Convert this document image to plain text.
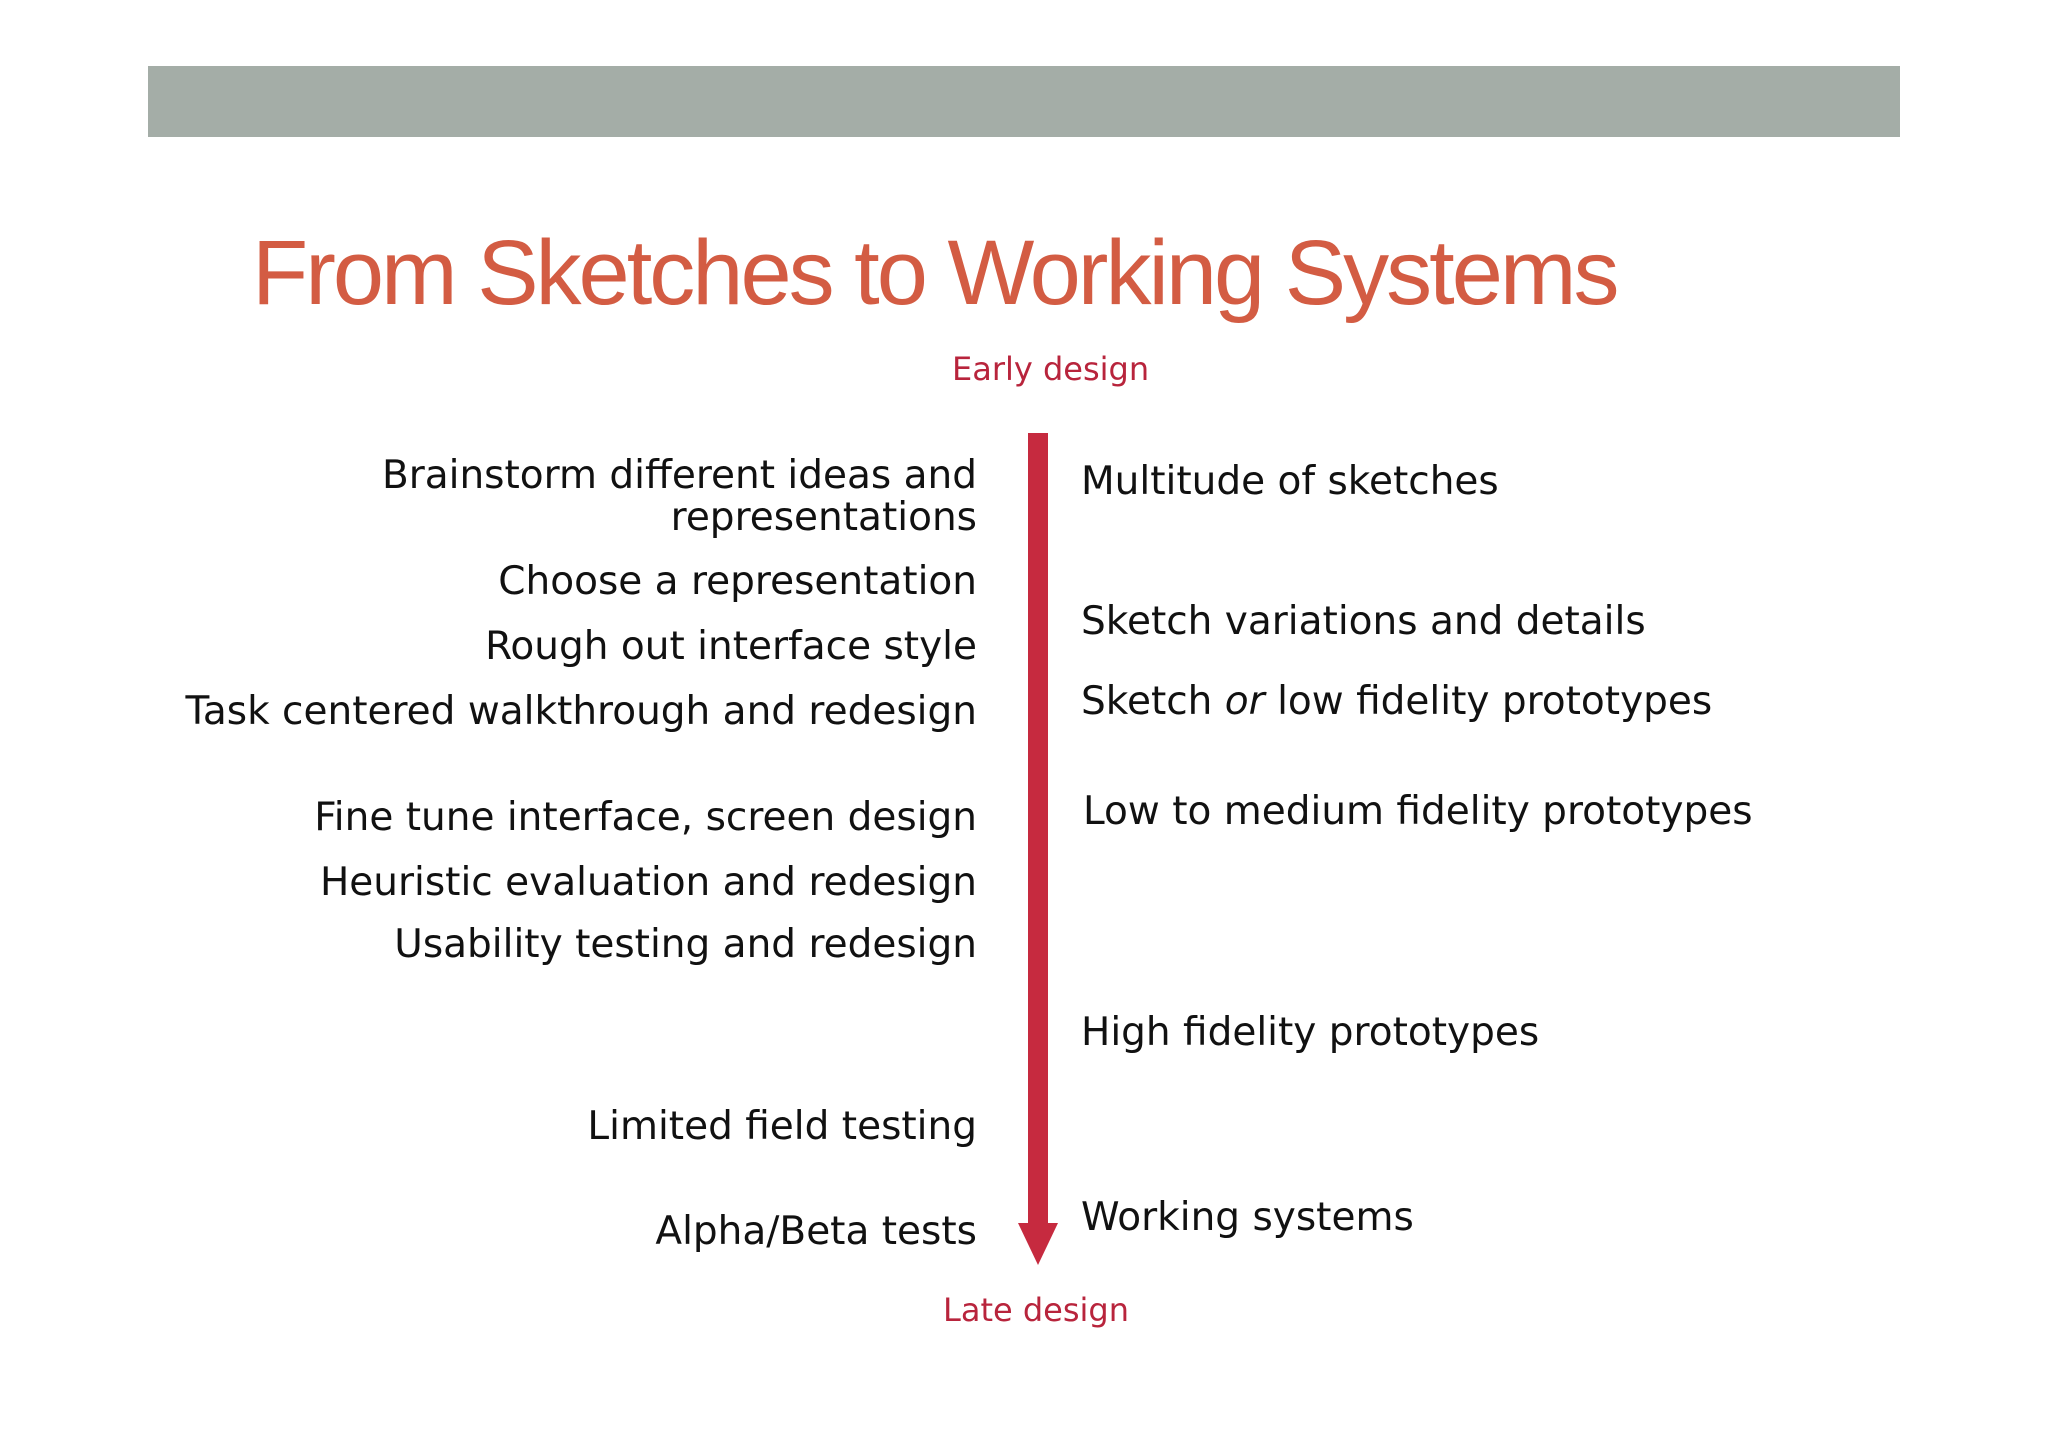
From Sketches to Working Systems
Early design
Brainstorm different ideas and
representations
Choose a representation
Rough out interface style
Task centered walkthrough and redesign
Fine tune interface, screen design
Heuristic evaluation and redesign
Usability testing and redesign
Limited field testing
Alpha/Beta tests
Multitude of sketches
Sketch variations and details
Sketch or low fidelity prototypes
Low to medium fidelity prototypes
High fidelity prototypes
Working systems
Late design
